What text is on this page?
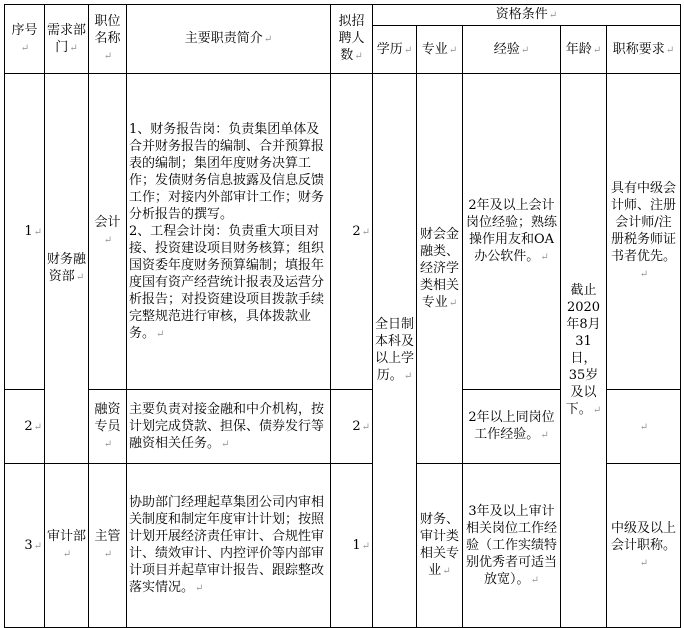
序号↵	需求部门↵	职位名称↵	主要职责简介↵	拟招聘人数↵	资格条件↵				
					学历↵	专业↵	经验↵	年龄↵	职称要求↵
1↵	财务融资部↵	会计↵	1、财务报告岗：负责集团单体及合并财务报告的编制、合并预算报表的编制；集团年度财务决算工作；发债财务信息披露及信息反馈工作；对接内外部审计工作；财务分析报告的撰写。
2、工程会计岗：负责重大项目对接、投资建设项目财务核算；组织国资委年度财务预算编制；填报年度国有资产经营统计报表及运营分析报告；对投资建设项目拨款手续完整规范进行审核，具体拨款业务。↵	2↵	全日制本科及以上学历。↵	财会金融类、经济学类相关专业↵	2年及以上会计岗位经验；熟练操作用友和OA办公软件。↵	截止2020年8月31日，35岁及以下。↵	具有中级会计师、注册会计师/注册税务师证书者优先。↵
2↵		融资专员↵	主要负责对接金融和中介机构，按计划完成贷款、担保、债券发行等融资相关任务。↵	2↵			2年以上同岗位工作经验。↵		↵
3↵	审计部↵	主管↵	协助部门经理起草集团公司内审相关制度和制定年度审计计划；按照计划开展经济责任审计、合规性审计、绩效审计、内控评价等内部审计项目并起草审计报告、跟踪整改落实情况。↵	1↵		财务、审计类相关专业↵	3年及以上审计相关岗位工作经验（工作实绩特别优秀者可适当放宽）。↵		中级及以上会计职称。↵
